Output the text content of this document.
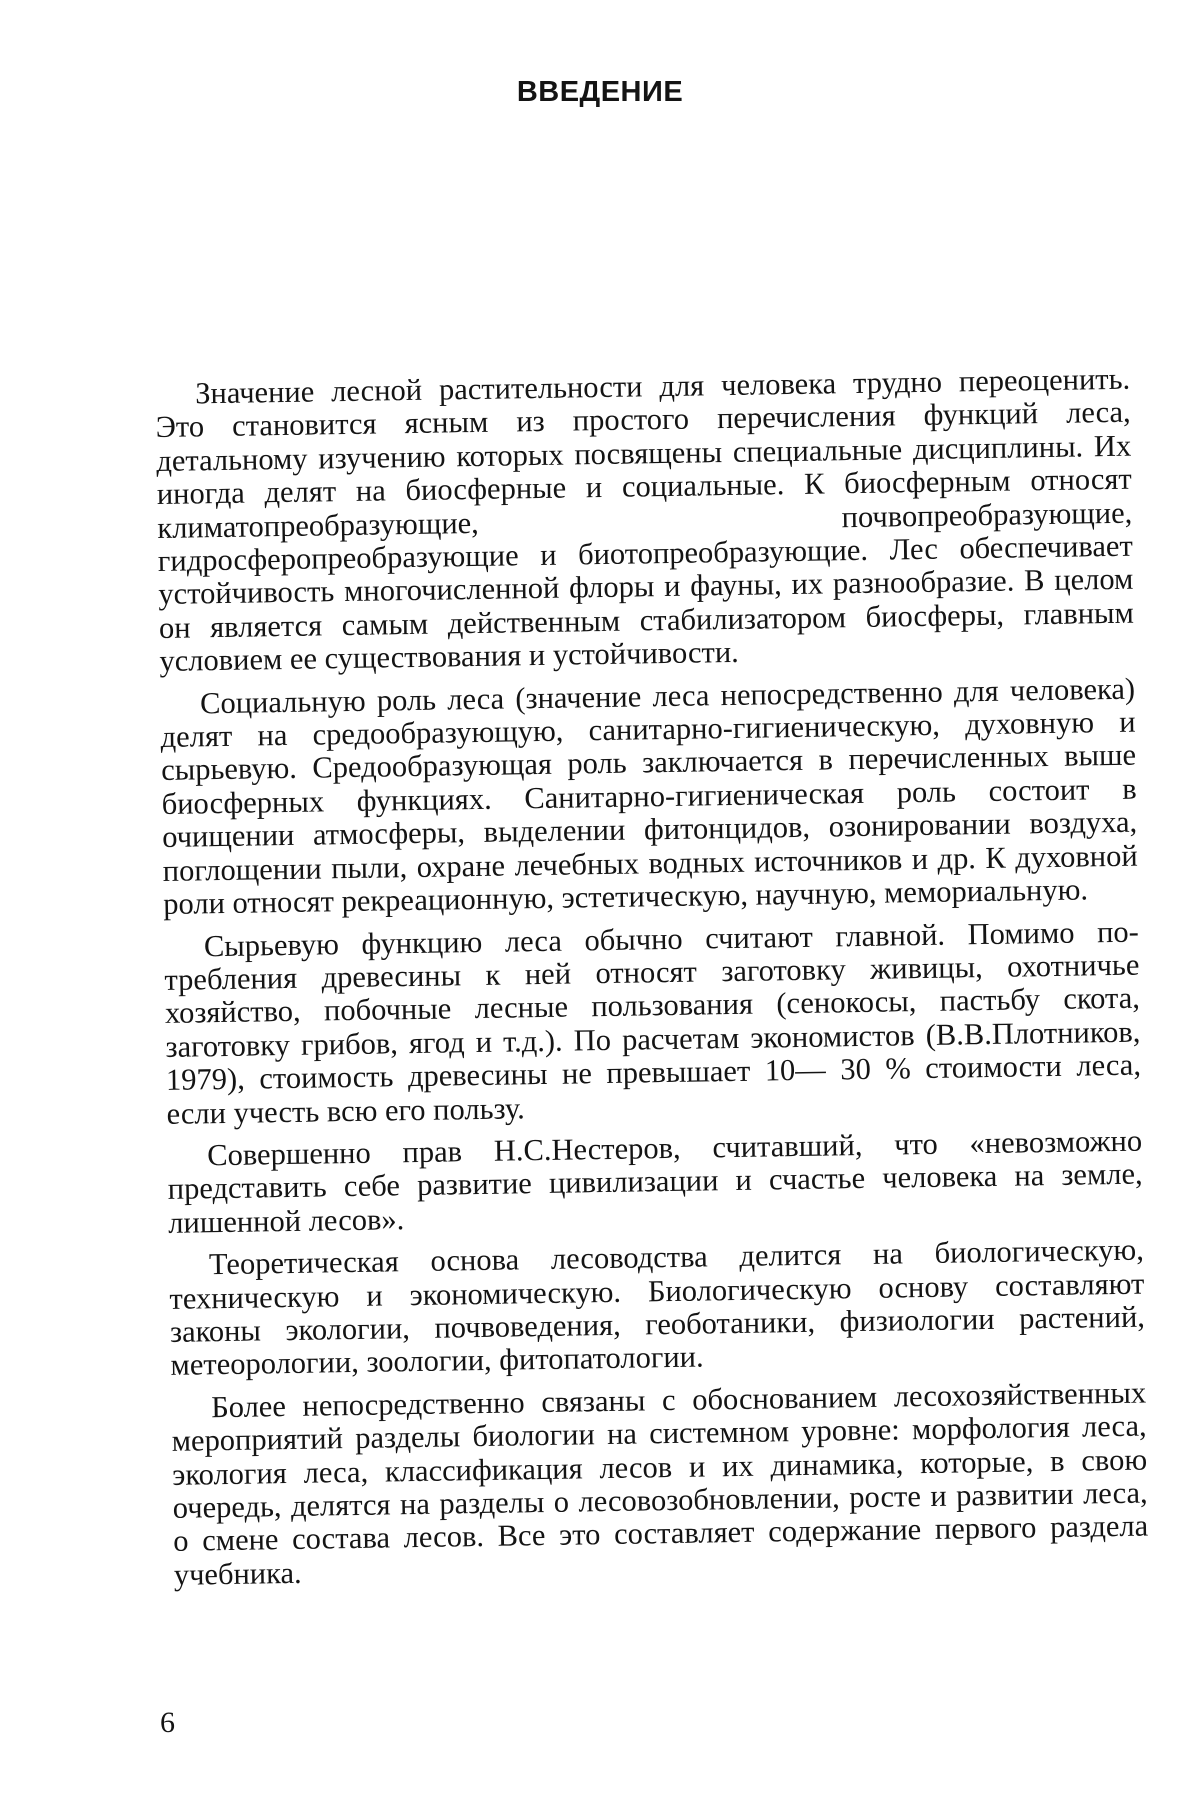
ВВЕДЕНИЕ

Значение лесной растительности для человека трудно переоценить. Это становится ясным из простого перечисления функций леса, детальному изучению которых посвящены специальные дисциплины. Их иногда делят на биосферные и социальные. К биосферным относят климатопреобразующие, почвопреобразующие, гидросферопреобразующие и биотопреобразующие. Лес обеспечивает устойчивость многочисленной флоры и фауны, их разнообразие. В целом он является самым действенным стабилизатором биосферы, главным условием ее существования и устойчивости.

Социальную роль леса (значение леса непосредственно для человека) делят на средообразующую, санитарно-гигиеническую, духовную и сырьевую. Средообразующая роль заключается в перечисленных выше биосферных функциях. Санитарно-гигиеническая роль состоит в очищении атмосферы, выделении фитонцидов, озонировании воздуха, поглощении пыли, охране лечебных водных источников и др. К духовной роли относят рекреационную, эстетическую, научную, мемориальную.

Сырьевую функцию леса обычно считают главной. Помимо потребления древесины к ней относят заготовку живицы, охотничье хозяйство, побочные лесные пользования (сенокосы, пастьбу скота, заготовку грибов, ягод и т.д.). По расчетам экономистов (В.В.Плотников, 1979), стоимость древесины не превышает 10— 30 % стоимости леса, если учесть всю его пользу.

Совершенно прав Н.С.Нестеров, считавший, что «невозможно представить себе развитие цивилизации и счастье человека на земле, лишенной лесов».

Теоретическая основа лесоводства делится на биологическую, техническую и экономическую. Биологическую основу составляют законы экологии, почвоведения, геоботаники, физиологии растений, метеорологии, зоологии, фитопатологии.

Более непосредственно связаны с обоснованием лесохозяйственных мероприятий разделы биологии на системном уровне: морфология леса, экология леса, классификация лесов и их динамика, которые, в свою очередь, делятся на разделы о лесовозобновлении, росте и развитии леса, о смене состава лесов. Все это составляет содержание первого раздела учебника.

6
